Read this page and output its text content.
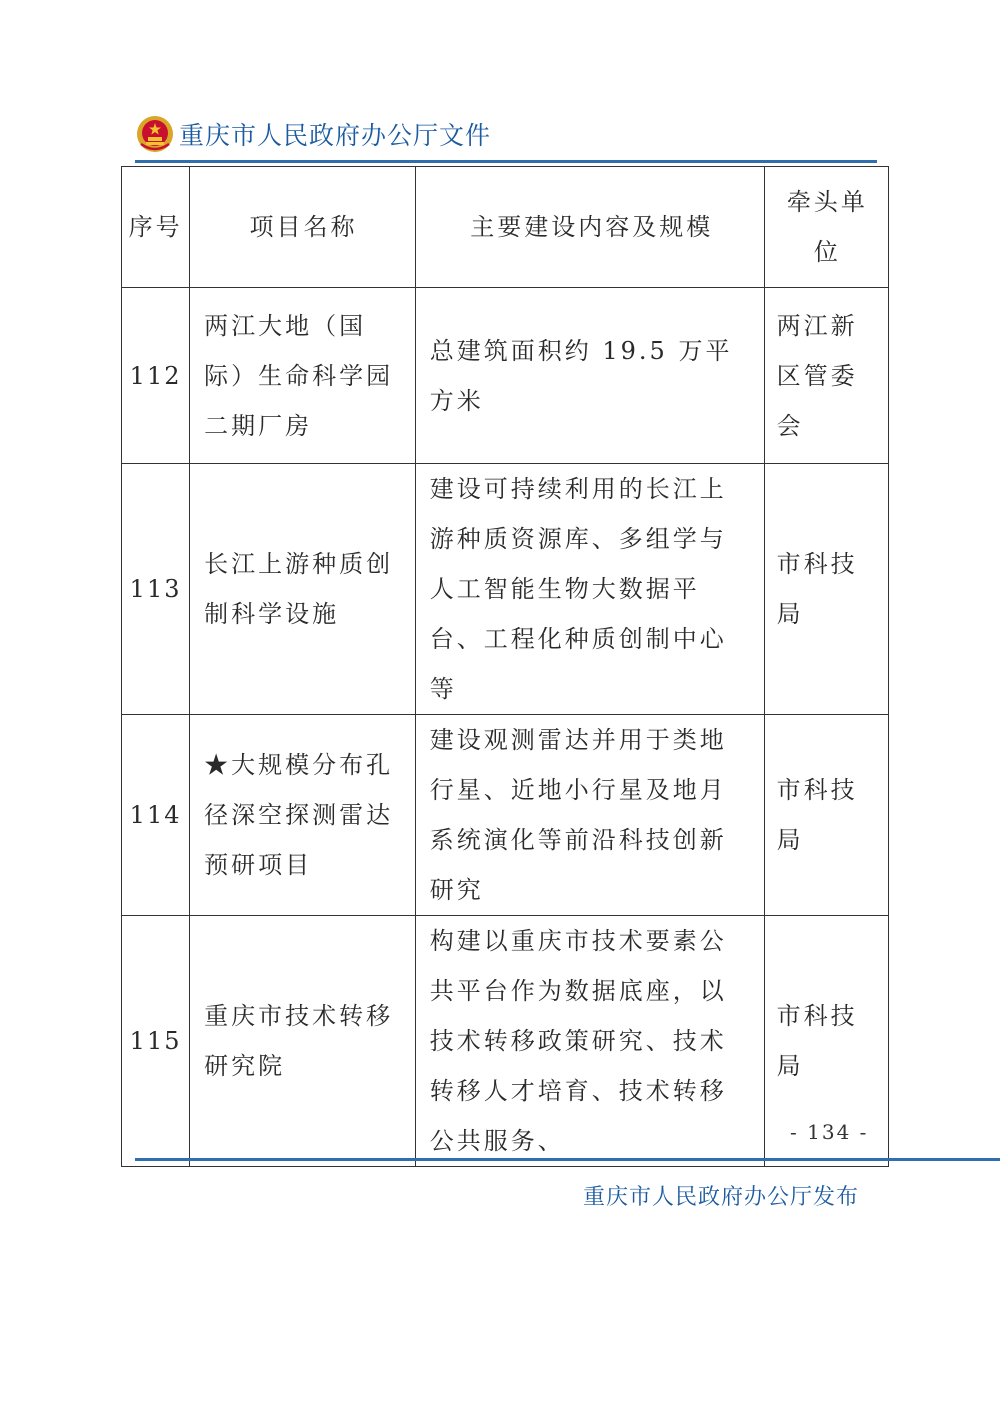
重庆市人民政府办公厅文件
序号	项目名称	主要建设内容及规模	牵头单位
112	两江大地（国际）生命科学园二期厂房	总建筑面积约 19.5 万平方米	两江新区管委会
113	长江上游种质创制科学设施	建设可持续利用的长江上游种质资源库、多组学与人工智能生物大数据平台、工程化种质创制中心等	市科技局
114	★大规模分布孔径深空探测雷达预研项目	建设观测雷达并用于类地行星、近地小行星及地月系统演化等前沿科技创新研究	市科技局
115	重庆市技术转移研究院	构建以重庆市技术要素公共平台作为数据底座，以技术转移政策研究、技术转移人才培育、技术转移公共服务、	市科技局
- 134 -
重庆市人民政府办公厅发布
